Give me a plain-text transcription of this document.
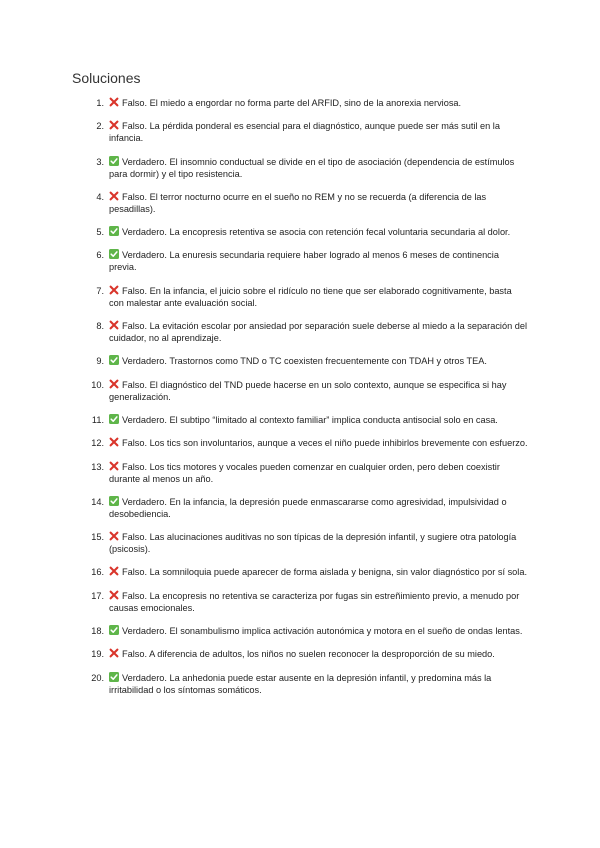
Soluciones
1.	Falso. El miedo a engordar no forma parte del ARFID, sino de la anorexia nerviosa.
2.	Falso. La pérdida ponderal es esencial para el diagnóstico, aunque puede ser más sutil en la infancia.
3.	Verdadero. El insomnio conductual se divide en el tipo de asociación (dependencia de estímulos para dormir) y el tipo resistencia.
4.	Falso. El terror nocturno ocurre en el sueño no REM y no se recuerda (a diferencia de las pesadillas).
5.	Verdadero. La encopresis retentiva se asocia con retención fecal voluntaria secundaria al dolor.
6.	Verdadero. La enuresis secundaria requiere haber logrado al menos 6 meses de continencia previa.
7.	Falso. En la infancia, el juicio sobre el ridículo no tiene que ser elaborado cognitivamente, basta con malestar ante evaluación social.
8.	Falso. La evitación escolar por ansiedad por separación suele deberse al miedo a la separación del cuidador, no al aprendizaje.
9.	Verdadero. Trastornos como TND o TC coexisten frecuentemente con TDAH y otros TEA.
10.	Falso. El diagnóstico del TND puede hacerse en un solo contexto, aunque se especifica si hay generalización.
11.	Verdadero. El subtipo “limitado al contexto familiar” implica conducta antisocial solo en casa.
12.	Falso. Los tics son involuntarios, aunque a veces el niño puede inhibirlos brevemente con esfuerzo.
13.	Falso. Los tics motores y vocales pueden comenzar en cualquier orden, pero deben coexistir durante al menos un año.
14.	Verdadero. En la infancia, la depresión puede enmascararse como agresividad, impulsividad o desobediencia.
15.	Falso. Las alucinaciones auditivas no son típicas de la depresión infantil, y sugiere otra patología (psicosis).
16.	Falso. La somniloquia puede aparecer de forma aislada y benigna, sin valor diagnóstico por sí sola.
17.	Falso. La encopresis no retentiva se caracteriza por fugas sin estreñimiento previo, a menudo por causas emocionales.
18.	Verdadero. El sonambulismo implica activación autonómica y motora en el sueño de ondas lentas.
19.	Falso. A diferencia de adultos, los niños no suelen reconocer la desproporción de su miedo.
20.	Verdadero. La anhedonia puede estar ausente en la depresión infantil, y predomina más la irritabilidad o los síntomas somáticos.
